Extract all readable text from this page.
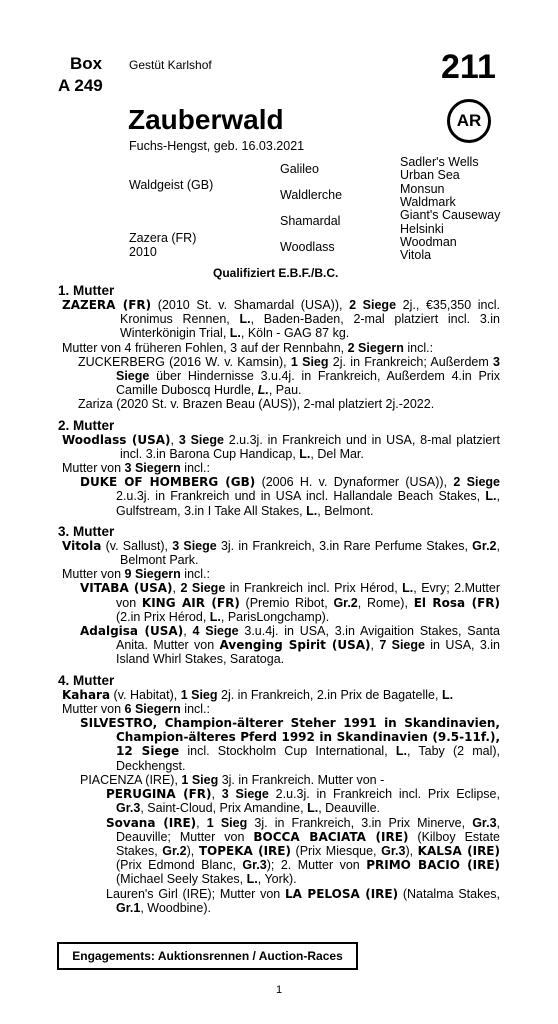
Box
A 249
Gestüt Karlshof	211
AR
Zauberwald
Fuchs-Hengst, geb. 16.03.2021
Waldgeist (GB)
Zazera (FR)
2010
Galileo
Waldlerche
Shamardal
Woodlass
Sadler's Wells
Urban Sea
Monsun
Waldmark
Giant's Causeway
Helsinki
Woodman
Vitola
Qualifiziert E.B.F./B.C.
1. Mutter

ZAZERA (FR) (2010 St. v. Shamardal (USA)), 2 Siege 2j., €35,350 incl. Kronimus Rennen, L., Baden-Baden, 2-mal platziert incl. 3.in Winterkönigin Trial, L., Köln - GAG 87 kg.

Mutter von 4 früheren Fohlen, 3 auf der Rennbahn, 2 Siegern incl.:

ZUCKERBERG (2016 W. v. Kamsin), 1 Sieg 2j. in Frankreich; Außerdem 3 Siege über Hindernisse 3.u.4j. in Frankreich, Außerdem 4.in Prix Camille Duboscq Hurdle, L., Pau.

Zariza (2020 St. v. Brazen Beau (AUS)), 2-mal platziert 2j.-2022.

2. Mutter

Woodlass (USA), 3 Siege 2.u.3j. in Frankreich und in USA, 8-mal platziert incl. 3.in Barona Cup Handicap, L., Del Mar.

Mutter von 3 Siegern incl.:

DUKE OF HOMBERG (GB) (2006 H. v. Dynaformer (USA)), 2 Siege 2.u.3j. in Frankreich und in USA incl. Hallandale Beach Stakes, L., Gulfstream, 3.in I Take All Stakes, L., Belmont.

3. Mutter

Vitola (v. Sallust), 3 Siege 3j. in Frankreich, 3.in Rare Perfume Stakes, Gr.2, Belmont Park.

Mutter von 9 Siegern incl.:

VITABA (USA), 2 Siege in Frankreich incl. Prix Hérod, L., Evry; 2.Mutter von KING AIR (FR) (Premio Ribot, Gr.2, Rome), El Rosa (FR) (2.in Prix Hérod, L., ParisLongchamp).

Adalgisa (USA), 4 Siege 3.u.4j. in USA, 3.in Avigaition Stakes, Santa Anita. Mutter von Avenging Spirit (USA), 7 Siege in USA, 3.in Island Whirl Stakes, Saratoga.

4. Mutter

Kahara (v. Habitat), 1 Sieg 2j. in Frankreich, 2.in Prix de Bagatelle, L.

Mutter von 6 Siegern incl.:

SILVESTRO, Champion-älterer Steher 1991 in Skandinavien, Champion-älteres Pferd 1992 in Skandinavien (9.5-11f.), 12 Siege incl. Stockholm Cup International, L., Taby (2 mal), Deckhengst.

PIACENZA (IRE), 1 Sieg 3j. in Frankreich. Mutter von -

PERUGINA (FR), 3 Siege 2.u.3j. in Frankreich incl. Prix Eclipse, Gr.3, Saint-Cloud, Prix Amandine, L., Deauville.

Sovana (IRE), 1 Sieg 3j. in Frankreich, 3.in Prix Minerve, Gr.3, Deauville; Mutter von BOCCA BACIATA (IRE) (Kilboy Estate Stakes, Gr.2), TOPEKA (IRE) (Prix Miesque, Gr.3), KALSA (IRE) (Prix Edmond Blanc, Gr.3); 2. Mutter von PRIMO BACIO (IRE) (Michael Seely Stakes, L., York).

Lauren's Girl (IRE); Mutter von LA PELOSA (IRE) (Natalma Stakes, Gr.1, Woodbine).

Engagements: Auktionsrennen / Auction-Races
1
